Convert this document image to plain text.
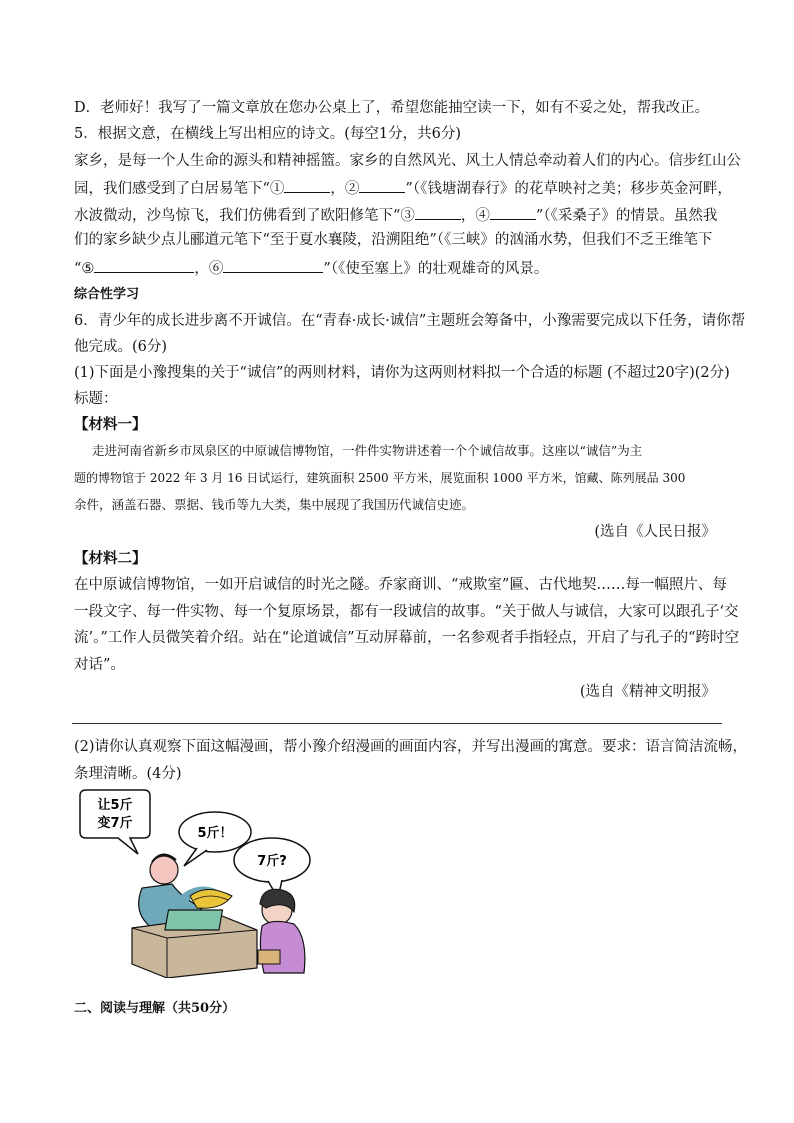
D．老师好！我写了一篇文章放在您办公桌上了，希望您能抽空读一下，如有不妥之处，帮我改正。
5．根据文意，在横线上写出相应的诗文。(每空1分，共6分)
家乡，是每一个人生命的源头和精神摇篮。家乡的自然风光、风土人情总牵动着人们的内心。信步红山公
园，我们感受到了白居易笔下“①	，②	”（《钱塘湖春行》的花草映衬之美；移步英金河畔，
水波微动，沙鸟惊飞，我们仿佛看到了欧阳修笔下“③	，④	”（《采桑子》的情景。虽然我
们的家乡缺少点儿郦道元笔下“至于夏水襄陵，沿溯阻绝”（《三峡》的汹涌水势，但我们不乏王维笔下
“⑤	，⑥	”（《使至塞上》的壮观雄奇的风景。
综合性学习
6．青少年的成长进步离不开诚信。在“青春·成长·诚信”主题班会筹备中，小豫需要完成以下任务，请你帮
他完成。(6分)
(1)下面是小豫搜集的关于“诚信”的两则材料，请你为这两则材料拟一个合适的标题 (不超过20字)(2分)
标题：
【材料一】
走进河南省新乡市凤泉区的中原诚信博物馆，一件件实物讲述着一个个诚信故事。这座以“诚信”为主
题的博物馆于 2022 年 3 月 16 日试运行，建筑面积 2500 平方米，展览面积 1000 平方米，馆藏、陈列展品 300
余件，涵盖石器、票据、钱币等九大类，集中展现了我国历代诚信史迹。
(选自《人民日报》
【材料二】
在中原诚信博物馆，一如开启诚信的时光之隧。乔家商训、“戒欺室”匾、古代地契……每一幅照片、每
一段文字、每一件实物、每一个复原场景，都有一段诚信的故事。“关于做人与诚信，大家可以跟孔子‘交
流’。”工作人员微笑着介绍。站在“论道诚信”互动屏幕前，一名参观者手指轻点，开启了与孔子的“跨时空
对话”。
(选自《精神文明报》
(2)请你认真观察下面这幅漫画，帮小豫介绍漫画的画面内容，并写出漫画的寓意。要求：语言简洁流畅，
条理清晰。(4分)
让5斤
变7斤
5斤！
7斤?
二、阅读与理解（共50分）
